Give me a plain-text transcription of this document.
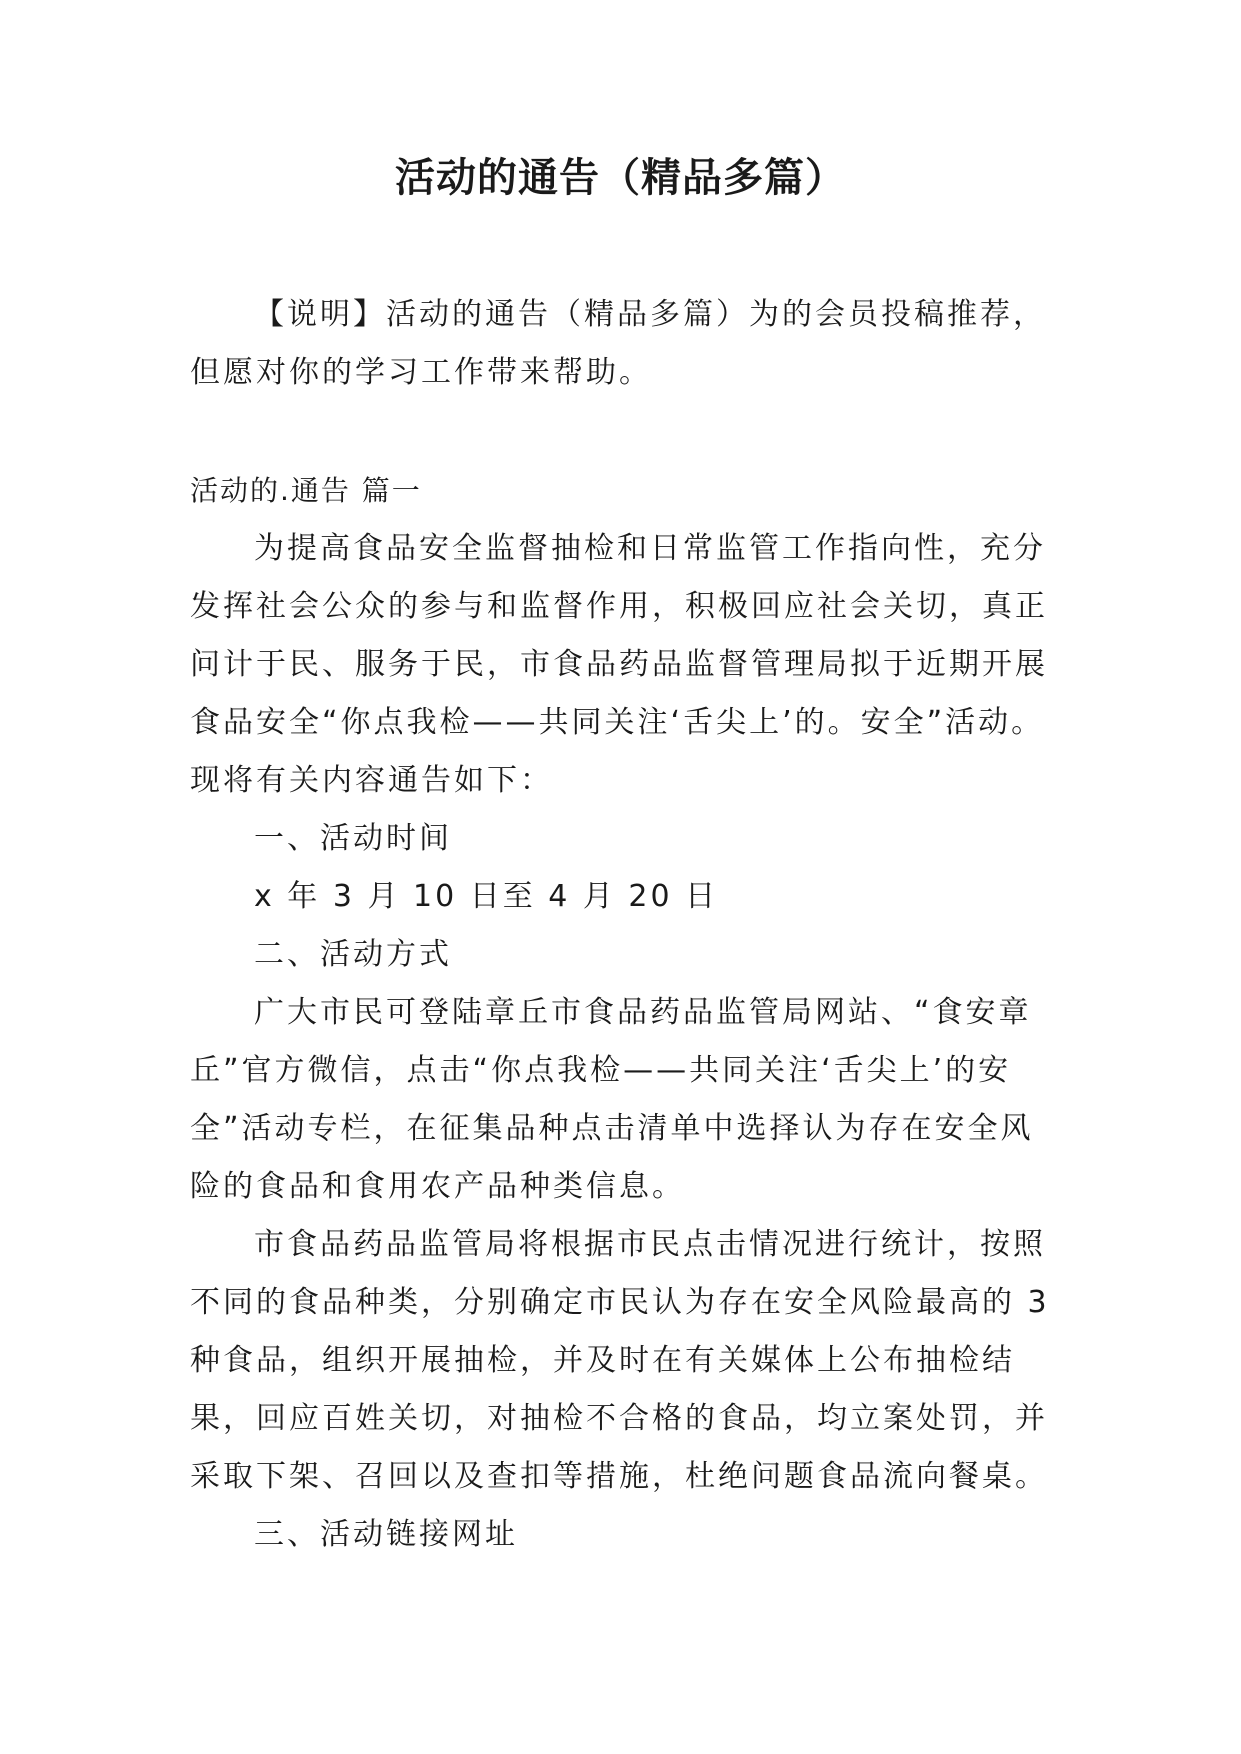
活动的通告（精品多篇）
【说明】活动的通告（精品多篇）为的会员投稿推荐，但愿对你的学习工作带来帮助。
活动的.通告 篇一

为提高食品安全监督抽检和日常监管工作指向性，充分发挥社会公众的参与和监督作用，积极回应社会关切，真正问计于民、服务于民，市食品药品监督管理局拟于近期开展食品安全“你点我检——共同关注‘舌尖上’的。安全”活动。现将有关内容通告如下：

一、活动时间

x 年 3 月 10 日至 4 月 20 日

二、活动方式

广大市民可登陆章丘市食品药品监管局网站、“食安章丘”官方微信，点击“你点我检——共同关注‘舌尖上’的安全”活动专栏，在征集品种点击清单中选择认为存在安全风险的食品和食用农产品种类信息。

市食品药品监管局将根据市民点击情况进行统计，按照不同的食品种类，分别确定市民认为存在安全风险最高的 3 种食品，组织开展抽检，并及时在有关媒体上公布抽检结果，回应百姓关切，对抽检不合格的食品，均立案处罚，并采取下架、召回以及查扣等措施，杜绝问题食品流向餐桌。

三、活动链接网址
